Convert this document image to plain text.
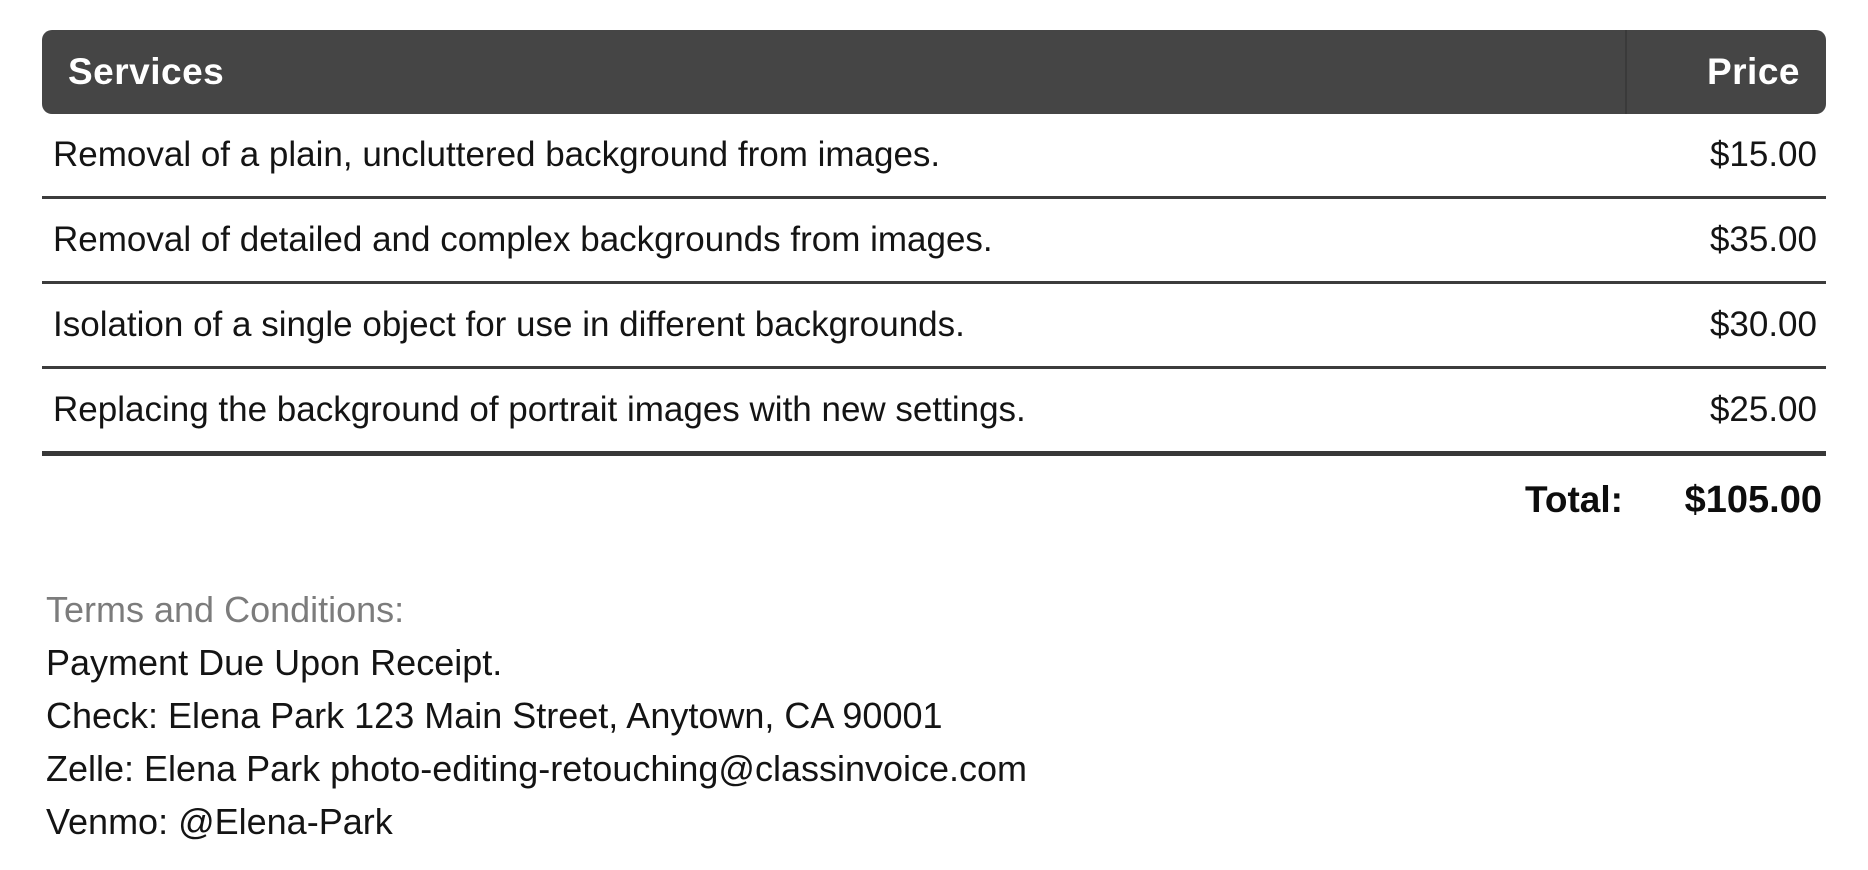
Services	Price
Removal of a plain, uncluttered background from images.	$15.00
Removal of detailed and complex backgrounds from images.	$35.00
Isolation of a single object for use in different backgrounds.	$30.00
Replacing the background of portrait images with new settings.	$25.00
Total:	$105.00
Terms and Conditions:
Payment Due Upon Receipt.
Check: Elena Park 123 Main Street, Anytown, CA 90001
Zelle: Elena Park photo-editing-retouching@classinvoice.com
Venmo: @Elena-Park
